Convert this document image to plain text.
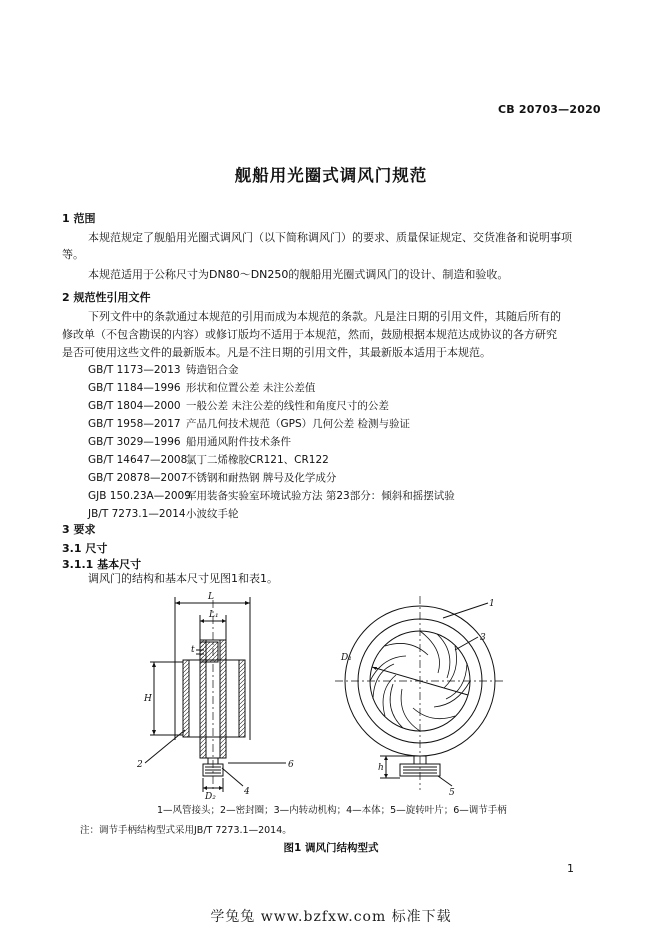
CB 20703—2020
舰船用光圈式调风门规范
1 范围
本规范规定了舰船用光圈式调风门（以下简称调风门）的要求、质量保证规定、交货准备和说明事项
等。
本规范适用于公称尺寸为DN80～DN250的舰船用光圈式调风门的设计、制造和验收。
2 规范性引用文件
下列文件中的条款通过本规范的引用而成为本规范的条款。凡是注日期的引用文件，其随后所有的
修改单（不包含勘误的内容）或修订版均不适用于本规范，然而，鼓励根据本规范达成协议的各方研究
是否可使用这些文件的最新版本。凡是不注日期的引用文件，其最新版本适用于本规范。
GB/T 1173—2013 铸造铝合金
GB/T 1184—1996 形状和位置公差 未注公差值
GB/T 1804—2000 一般公差 未注公差的线性和角度尺寸的公差
GB/T 1958—2017 产品几何技术规范（GPS）几何公差 检测与验证
GB/T 3029—1996 船用通风附件技术条件
GB/T 14647—2008氯丁二烯橡胶CR121、CR122
GB/T 20878—2007不锈钢和耐热钢 牌号及化学成分
GJB 150.23A—2009军用装备实验室环境试验方法 第23部分：倾斜和摇摆试验
JB/T 7273.1—2014小波纹手轮
3 要求
3.1 尺寸
3.1.1 基本尺寸
调风门的结构和基本尺寸见图1和表1。
L
L₁
H
t
D₂
D₁
h
2
4
6
1
3
5
1—风管接头；2—密封圈；3—内转动机构；4—本体；5—旋转叶片；6—调节手柄
注：调节手柄结构型式采用JB/T 7273.1—2014。
图1 调风门结构型式
1
学兔兔 www.bzfxw.com 标准下载
